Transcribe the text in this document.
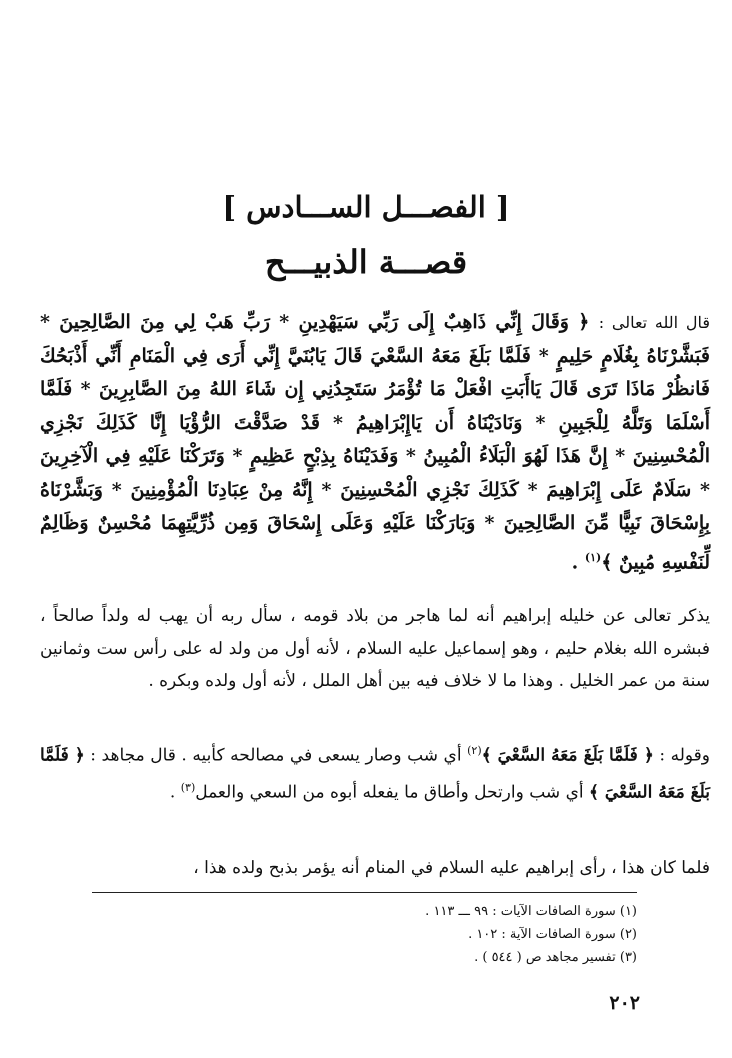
[ الفصـــل الســـادس ]
قصـــة الذبيـــح
قال الله تعالى : ﴿ وَقَالَ إِنِّي ذَاهِبٌ إِلَى رَبِّي سَيَهْدِينِ * رَبِّ هَبْ لِي مِنَ الصَّالِحِينَ * فَبَشَّرْنَاهُ بِغُلَامٍ حَلِيمٍ * فَلَمَّا بَلَغَ مَعَهُ السَّعْيَ قَالَ يَابُنَيَّ إِنِّي أَرَى فِي الْمَنَامِ أَنِّي أَذْبَحُكَ فَانظُرْ مَاذَا تَرَى قَالَ يَاأَبَتِ افْعَلْ مَا تُؤْمَرُ سَتَجِدُنِي إِن شَاءَ اللهُ مِنَ الصَّابِرِينَ * فَلَمَّا أَسْلَمَا وَتَلَّهُ لِلْجَبِينِ * وَنَادَيْنَاهُ أَن يَاإِبْرَاهِيمُ * قَدْ صَدَّقْتَ الرُّؤْيَا إِنَّا كَذَلِكَ نَجْزِي الْمُحْسِنِينَ * إِنَّ هَذَا لَهُوَ الْبَلَاءُ الْمُبِينُ * وَفَدَيْنَاهُ بِذِبْحٍ عَظِيمٍ * وَتَرَكْنَا عَلَيْهِ فِي الْآخِرِينَ * سَلَامٌ عَلَى إِبْرَاهِيمَ * كَذَلِكَ نَجْزِي الْمُحْسِنِينَ * إِنَّهُ مِنْ عِبَادِنَا الْمُؤْمِنِينَ * وَبَشَّرْنَاهُ بِإِسْحَاقَ نَبِيًّا مِّنَ الصَّالِحِينَ * وَبَارَكْنَا عَلَيْهِ وَعَلَى إِسْحَاقَ وَمِن ذُرِّيَّتِهِمَا مُحْسِنٌ وَظَالِمٌ لِّنَفْسِهِ مُبِينٌ ﴾$^{(١)}$ .
يذكر تعالى عن خليله إبراهيم أنه لما هاجر من بلاد قومه ، سأل ربه أن يهب له ولداً صالحاً ، فبشره الله بغلام حليم ، وهو إسماعيل عليه السلام ، لأنه أول من ولد له على رأس ست وثمانين سنة من عمر الخليل . وهذا ما لا خلاف فيه بين أهل الملل ، لأنه أول ولده وبكره .
وقوله : ﴿ فَلَمَّا بَلَغَ مَعَهُ السَّعْيَ ﴾$^{(٢)}$ أي شب وصار يسعى في مصالحه كأبيه . قال مجاهد : ﴿ فَلَمَّا بَلَغَ مَعَهُ السَّعْيَ ﴾ أي شب وارتحل وأطاق ما يفعله أبوه من السعي والعمل$^{(٣)}$ .
فلما كان هذا ، رأى إبراهيم عليه السلام في المنام أنه يؤمر بذبح ولده هذا ،
(١) سورة الصافات الآيات : ٩٩ ـــ ١١٣ .
(٢) سورة الصافات الآية : ١٠٢ .
(٣) تفسير مجاهد ص ( ٥٤٤ ) .
٢٠٢
